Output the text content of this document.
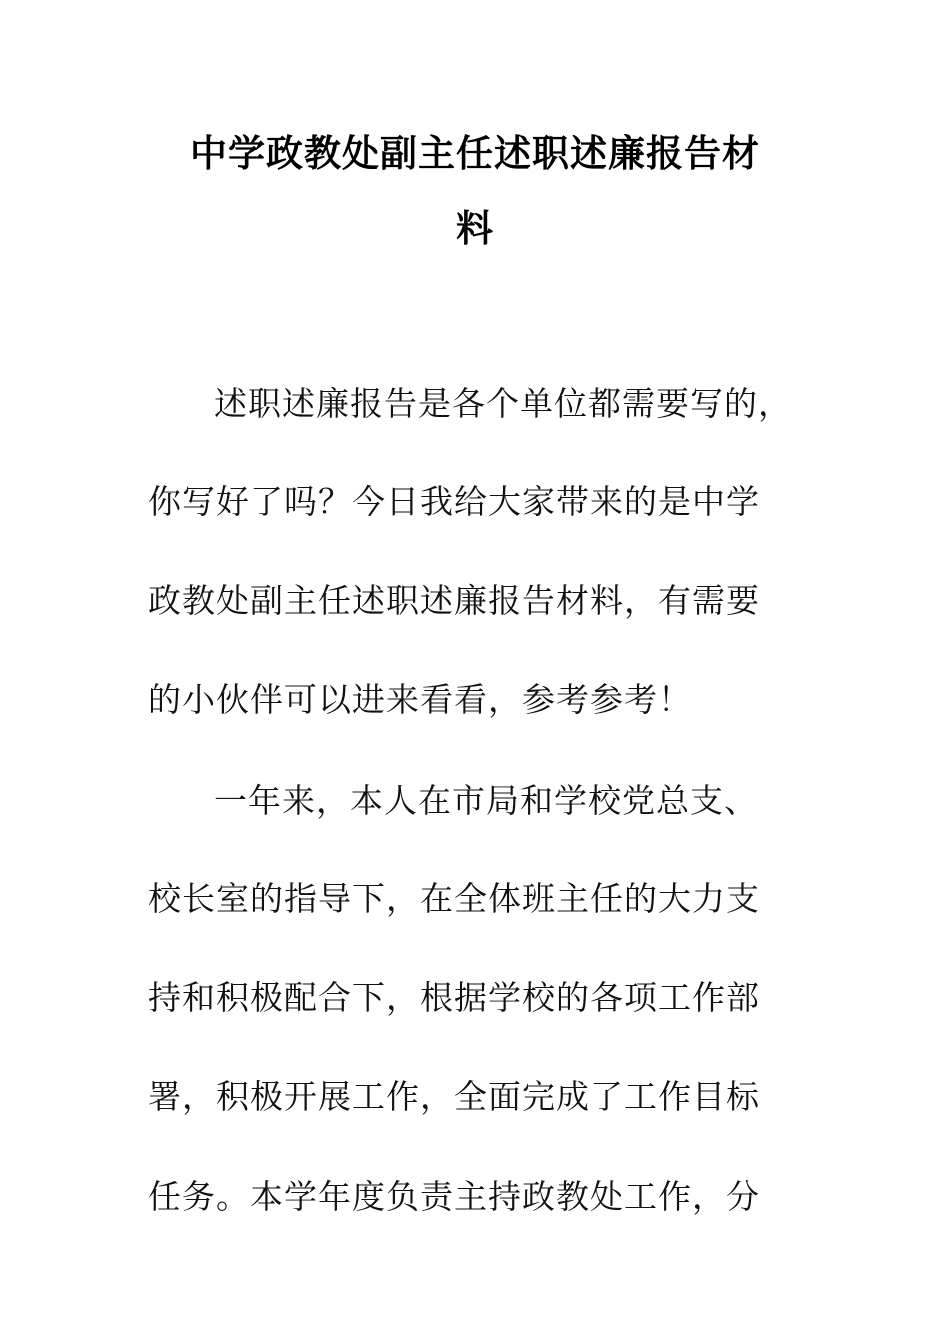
中学政教处副主任述职述廉报告材
料
述职述廉报告是各个单位都需要写的，
你写好了吗？今日我给大家带来的是中学
政教处副主任述职述廉报告材料，有需要
的小伙伴可以进来看看，参考参考！
一年来，本人在市局和学校党总支、
校长室的指导下，在全体班主任的大力支
持和积极配合下，根据学校的各项工作部
署，积极开展工作，全面完成了工作目标
任务。本学年度负责主持政教处工作，分
